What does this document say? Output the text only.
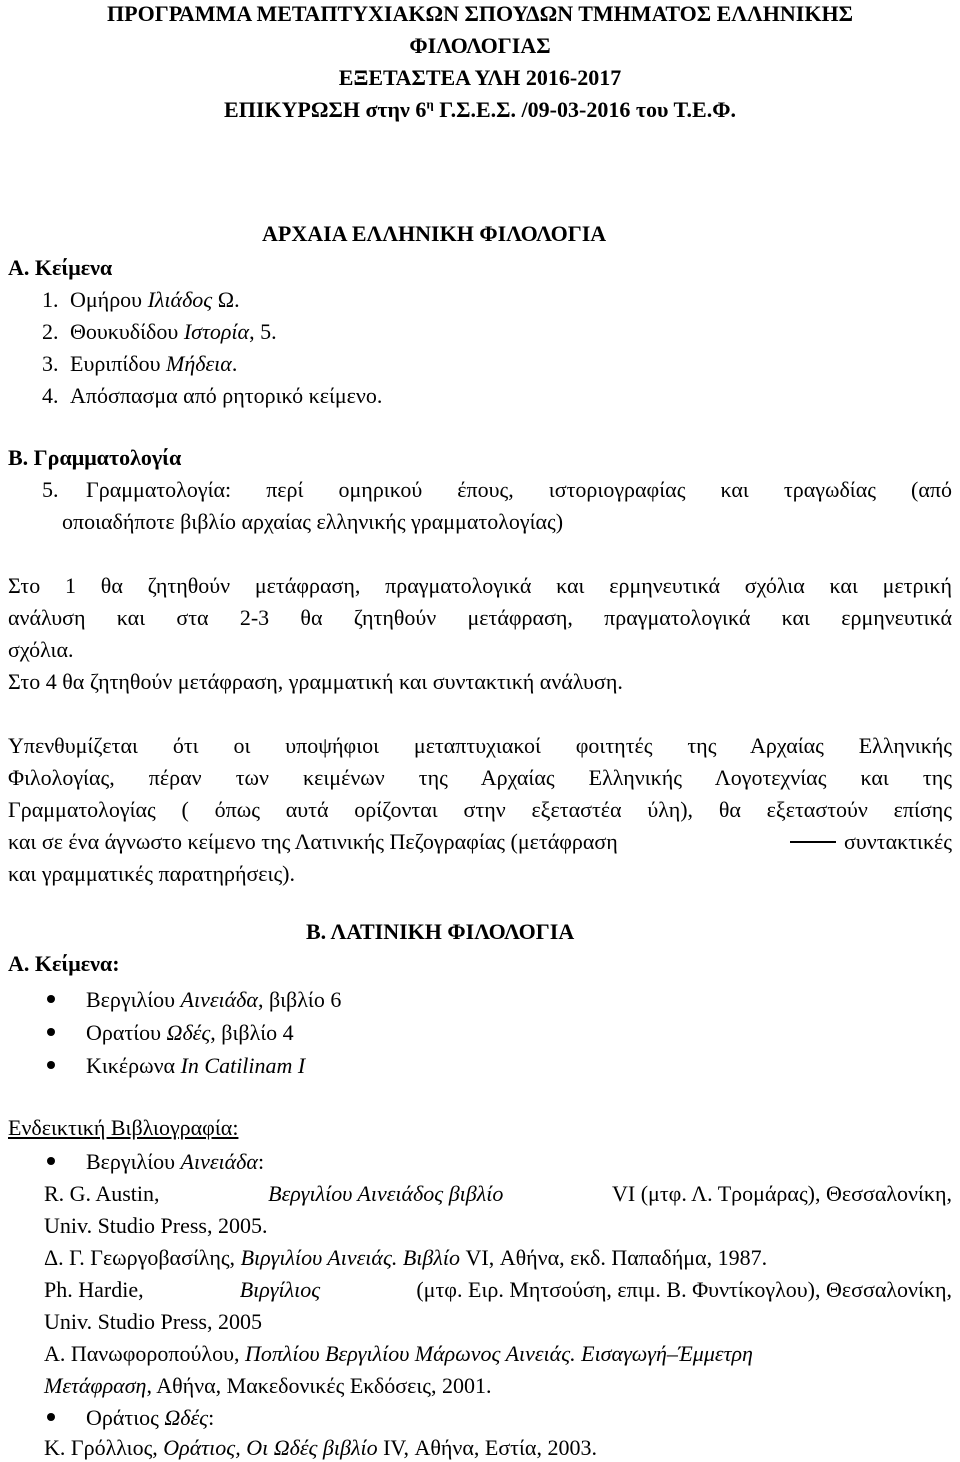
ΠΡΟΓΡΑΜΜΑ ΜΕΤΑΠΤΥΧΙΑΚΩΝ ΣΠΟΥΔΩΝ ΤΜΗΜΑΤΟΣ ΕΛΛΗΝΙΚΗΣ
ΦΙΛΟΛΟΓΙΑΣ
ΕΞΕΤΑΣΤΕΑ ΥΛΗ 2016-2017
ΕΠΙΚΥΡΩΣΗ στην $6^\eta$ Γ.Σ.Ε.Σ. /09-03-2016 του Τ.Ε.Φ.
ΑΡΧΑΙΑ ΕΛΛΗΝΙΚΗ ΦΙΛΟΛΟΓΙΑ
Α. Κείμενα
1. Ομήρου Ιλιάδος Ω.
2. Θουκυδίδου Ιστορία, 5.
3. Ευριπίδου Μήδεια.
4. Απόσπασμα από ρητορικό κείμενο.
Β. Γραμματολογία
5. Γραμματολογία: περί ομηρικού έπους, ιστοριογραφίας και τραγωδίας (από
οποιαδήποτε βιβλίο αρχαίας ελληνικής γραμματολογίας)
Στο 1 θα ζητηθούν μετάφραση, πραγματολογικά και ερμηνευτικά σχόλια και μετρική
ανάλυση και στα 2-3 θα ζητηθούν μετάφραση, πραγματολογικά και ερμηνευτικά
σχόλια.
Στο 4 θα ζητηθούν μετάφραση, γραμματική και συντακτική ανάλυση.
Υπενθυμίζεται ότι οι υποψήφιοι μεταπτυχιακοί φοιτητές της Αρχαίας Ελληνικής
Φιλολογίας, πέραν των κειμένων της Αρχαίας Ελληνικής Λογοτεχνίας και της
Γραμματολογίας ( όπως αυτά ορίζονται στην εξεταστέα ύλη), θα εξεταστούν επίσης
και σε ένα άγνωστο κείμενο της Λατινικής Πεζογραφίας (μετάφραση	συντακτικές
και γραμματικές παρατηρήσεις).
Β. ΛΑΤΙΝΙΚΗ ΦΙΛΟΛΟΓΙΑ
Α. Κείμενα:
Βεργιλίου Αινειάδα, βιβλίο 6
Ορατίου Ωδές, βιβλίο 4
Κικέρωνα In Catilinam I
Ενδεικτική Βιβλιογραφία:
Βεργιλίου Αινειάδα:
R. G. Austin,	Βεργιλίου Αινειάδος βιβλίο	VI (μτφ. Λ. Τρομάρας), Θεσσαλονίκη,
Univ. Studio Press, 2005.
Δ. Γ. Γεωργοβασίλης, Βιργιλίου Αινειάς. Βιβλίο VI, Αθήνα, εκδ. Παπαδήμα, 1987.
Ph. Hardie,	Βιργίλιος	(μτφ. Ειρ. Μητσούση, επιμ. Β. Φυντίκογλου), Θεσσαλονίκη,
Univ. Studio Press, 2005
Α. Πανωφοροπούλου, Ποπλίου Βεργιλίου Μάρωνος Αινειάς. Εισαγωγή–Έμμετρη
Μετάφραση, Αθήνα, Μακεδονικές Εκδόσεις, 2001.
Οράτιος Ωδές:
Κ. Γρόλλιος, Οράτιος, Οι Ωδές βιβλίο IV, Αθήνα, Εστία, 2003.
